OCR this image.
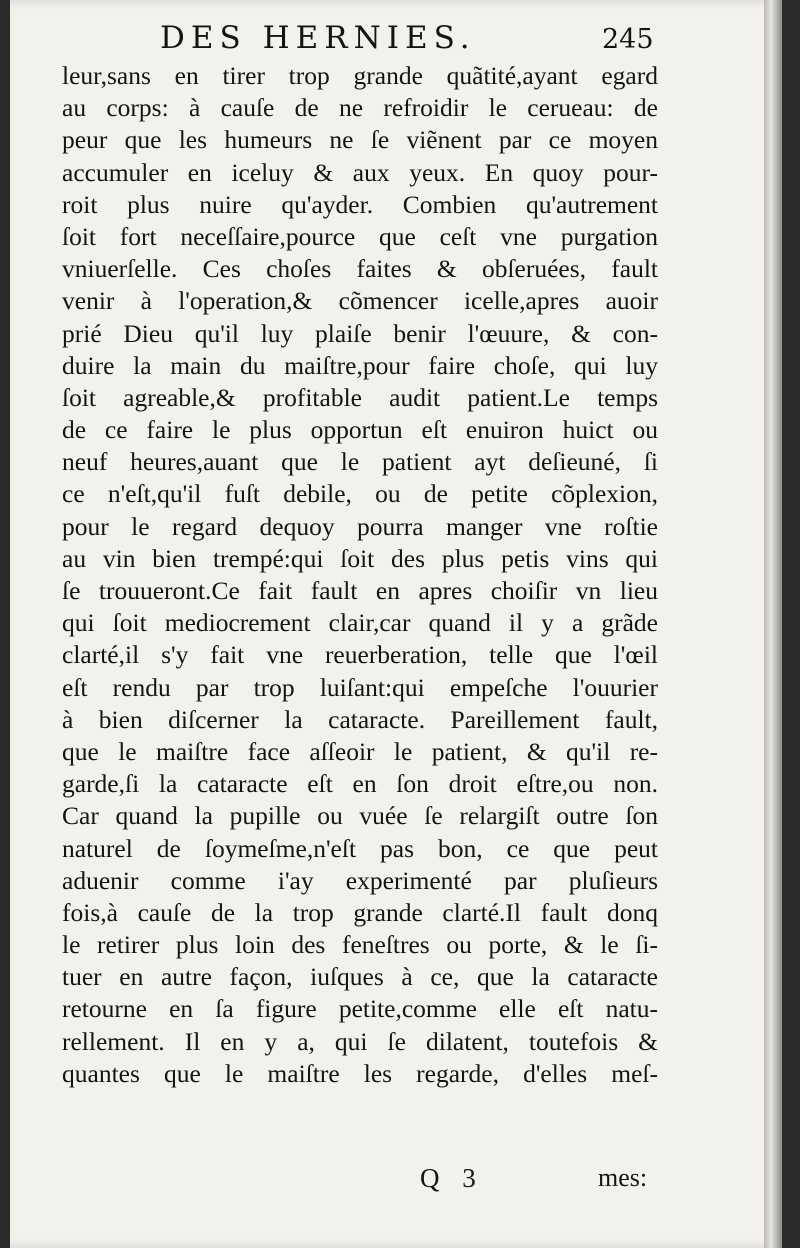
DES HERNIES.	245
leur,sans en tirer trop grande quãtité,ayant egard
au corps: à cauſe de ne refroidir le cerueau: de
peur que les humeurs ne ſe viẽnent par ce moyen
accumuler en iceluy & aux yeux. En quoy pour-
roit plus nuire qu'ayder. Combien qu'autrement
ſoit fort neceſſaire,pource que ceſt vne purgation
vniuerſelle. Ces choſes faites & obſeruées, fault
venir à l'operation,& cõmencer icelle,apres auoir
prié Dieu qu'il luy plaiſe benir l'œuure, & con-
duire la main du maiſtre,pour faire choſe, qui luy
ſoit agreable,& profitable audit patient.Le temps
de ce faire le plus opportun eſt enuiron huict ou
neuf heures,auant que le patient ayt deſieuné, ſi
ce n'eſt,qu'il fuſt debile, ou de petite cõplexion,
pour le regard dequoy pourra manger vne roſtie
au vin bien trempé:qui ſoit des plus petis vins qui
ſe trouueront.Ce fait fault en apres choiſir vn lieu
qui ſoit mediocrement clair,car quand il y a grãde
clarté,il s'y fait vne reuerberation, telle que l'œil
eſt rendu par trop luiſant:qui empeſche l'ouurier
à bien diſcerner la cataracte. Pareillement fault,
que le maiſtre face aſſeoir le patient, & qu'il re-
garde,ſi la cataracte eſt en ſon droit eſtre,ou non.
Car quand la pupille ou vuée ſe relargiſt outre ſon
naturel de ſoymeſme,n'eſt pas bon, ce que peut
aduenir comme i'ay experimenté par pluſieurs
fois,à cauſe de la trop grande clarté.Il fault donq
le retirer plus loin des feneſtres ou porte, & le ſi-
tuer en autre façon, iuſques à ce, que la cataracte
retourne en ſa figure petite,comme elle eſt natu-
rellement. Il en y a, qui ſe dilatent, toutefois &
quantes que le maiſtre les regarde, d'elles meſ-
Q 3	mes:
